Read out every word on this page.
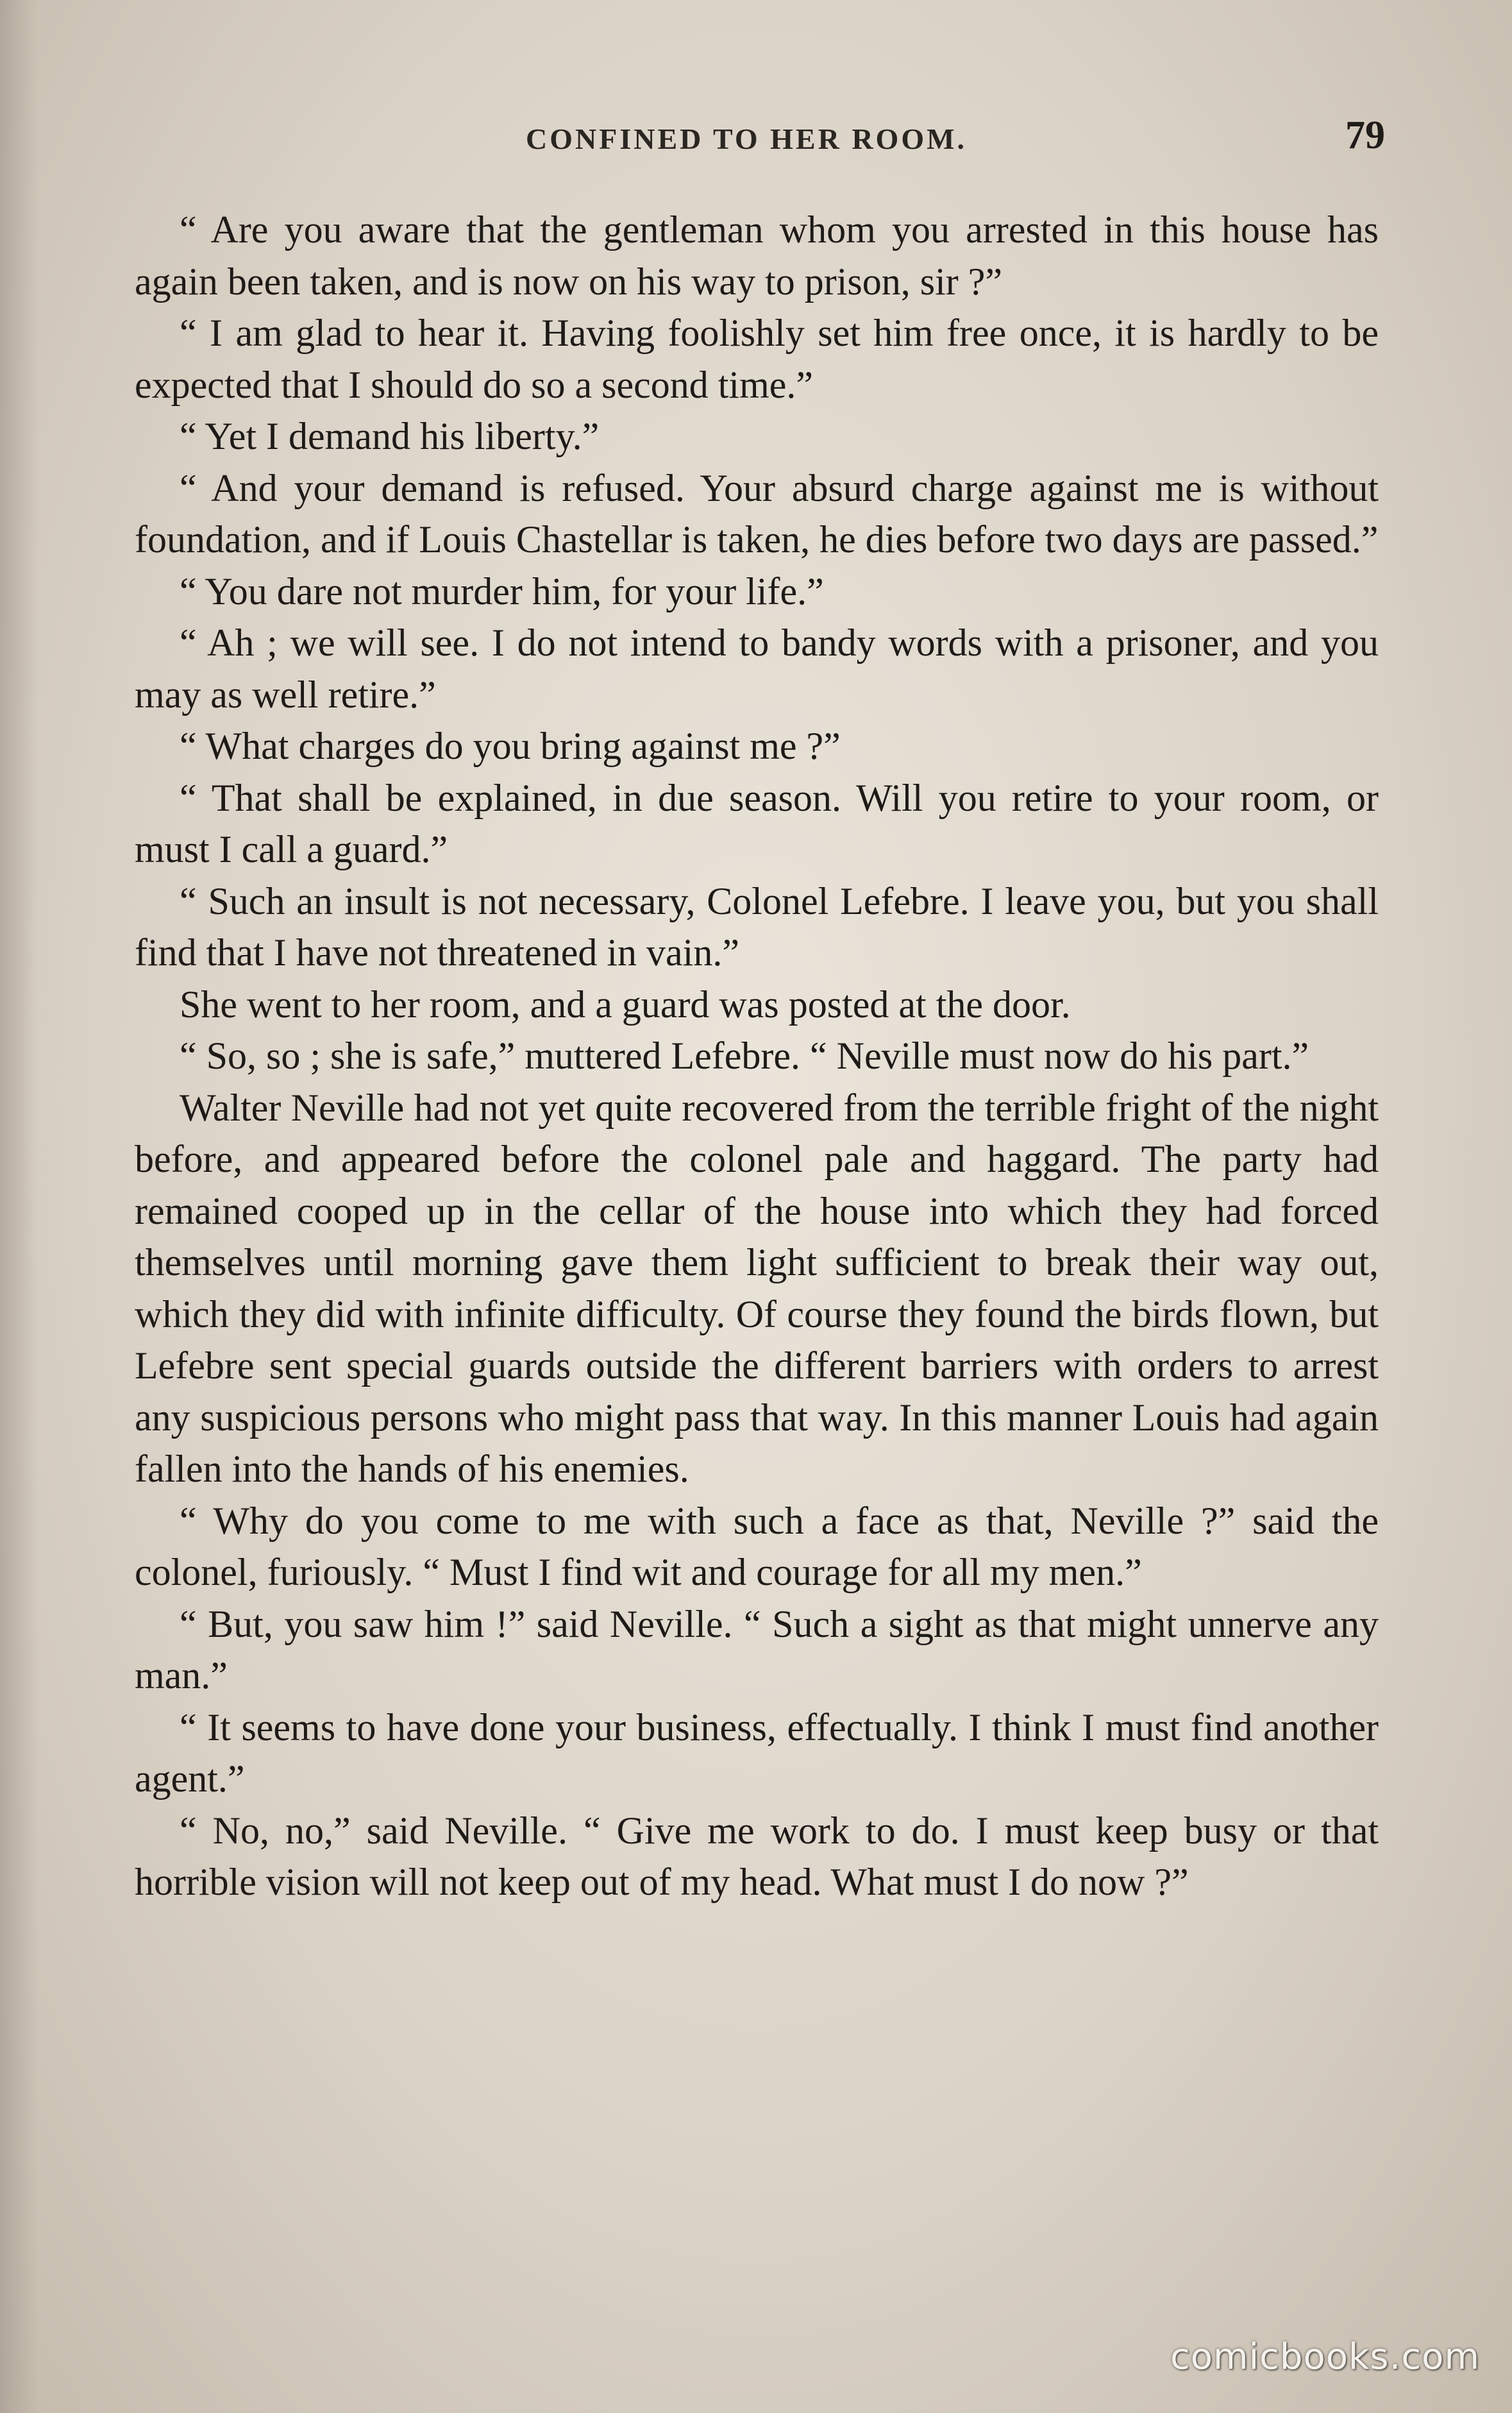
CONFINED TO HER ROOM.	79

“ Are you aware that the gentleman whom you arrested in this house has again been taken, and is now on his way to prison, sir ?”

“ I am glad to hear it. Having foolishly set him free once, it is hardly to be expected that I should do so a second time.”

“ Yet I demand his liberty.”

“ And your demand is refused. Your absurd charge against me is without foundation, and if Louis Chastellar is taken, he dies before two days are passed.”

“ You dare not murder him, for your life.”

“ Ah ; we will see. I do not intend to bandy words with a prisoner, and you may as well retire.”

“ What charges do you bring against me ?”

“ That shall be explained, in due season. Will you retire to your room, or must I call a guard.”

“ Such an insult is not necessary, Colonel Lefebre. I leave you, but you shall find that I have not threatened in vain.”

She went to her room, and a guard was posted at the door.

“ So, so ; she is safe,” muttered Lefebre. “ Neville must now do his part.”

Walter Neville had not yet quite recovered from the terrible fright of the night before, and appeared before the colonel pale and haggard. The party had remained cooped up in the cellar of the house into which they had forced themselves until morning gave them light sufficient to break their way out, which they did with infinite difficulty. Of course they found the birds flown, but Lefebre sent special guards outside the different barriers with orders to arrest any suspicious persons who might pass that way. In this manner Louis had again fallen into the hands of his enemies.

“ Why do you come to me with such a face as that, Neville ?” said the colonel, furiously. “ Must I find wit and courage for all my men.”

“ But, you saw him !” said Neville. “ Such a sight as that might unnerve any man.”

“ It seems to have done your business, effectually. I think I must find another agent.”

“ No, no,” said Neville. “ Give me work to do. I must keep busy or that horrible vision will not keep out of my head. What must I do now ?”

comicbooks.com
